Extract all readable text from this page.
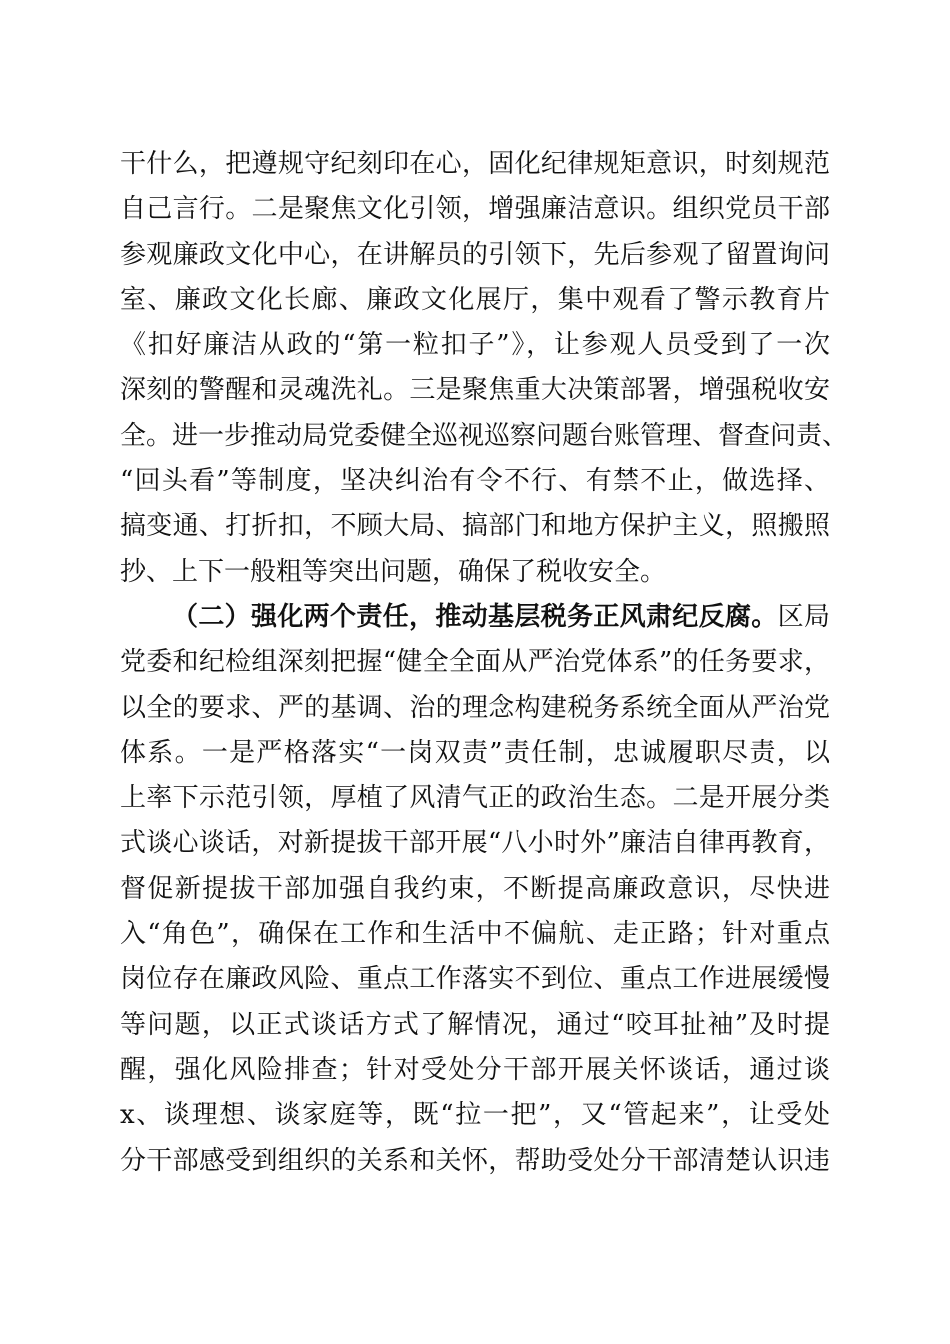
干什么，把遵规守纪刻印在心，固化纪律规矩意识，时刻规范
自己言行。二是聚焦文化引领，增强廉洁意识。组织党员干部
参观廉政文化中心，在讲解员的引领下，先后参观了留置询问
室、廉政文化长廊、廉政文化展厅，集中观看了警示教育片
《扣好廉洁从政的“第一粒扣子”》，让参观人员受到了一次
深刻的警醒和灵魂洗礼。三是聚焦重大决策部署，增强税收安
全。进一步推动局党委健全巡视巡察问题台账管理、督查问责、
“回头看”等制度，坚决纠治有令不行、有禁不止，做选择、
搞变通、打折扣，不顾大局、搞部门和地方保护主义，照搬照
抄、上下一般粗等突出问题，确保了税收安全。
（二）强化两个责任，推动基层税务正风肃纪反腐。区局
党委和纪检组深刻把握“健全全面从严治党体系”的任务要求，
以全的要求、严的基调、治的理念构建税务系统全面从严治党
体系。一是严格落实“一岗双责”责任制，忠诚履职尽责，以
上率下示范引领，厚植了风清气正的政治生态。二是开展分类
式谈心谈话，对新提拔干部开展“八小时外”廉洁自律再教育，
督促新提拔干部加强自我约束，不断提高廉政意识，尽快进
入“角色”，确保在工作和生活中不偏航、走正路；针对重点
岗位存在廉政风险、重点工作落实不到位、重点工作进展缓慢
等问题，以正式谈话方式了解情况，通过“咬耳扯袖”及时提
醒，强化风险排查；针对受处分干部开展关怀谈话，通过谈
x、谈理想、谈家庭等，既“拉一把”，又“管起来”，让受处
分干部感受到组织的关系和关怀，帮助受处分干部清楚认识违
